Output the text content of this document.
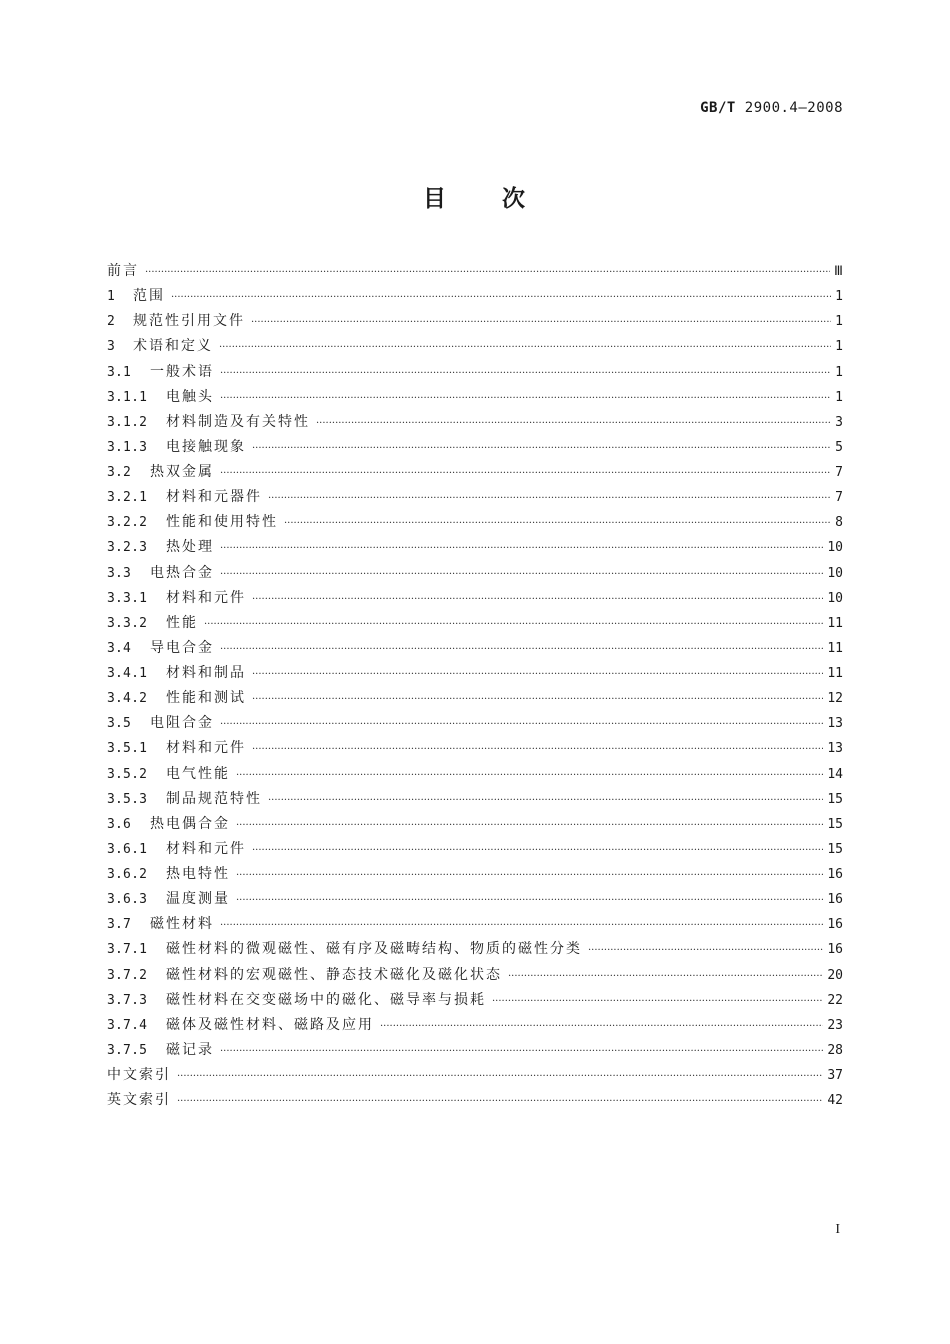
GB/T 2900.4—2008
目 次
前言 ·····	Ⅲ
1	范围 ·····	1
2	规范性引用文件 ·····	1
3	术语和定义 ·····	1
3.1	一般术语 ·····	1
3.1.1	电触头 ·····	1
3.1.2	材料制造及有关特性 ·····	3
3.1.3	电接触现象 ·····	5
3.2	热双金属 ·····	7
3.2.1	材料和元器件 ·····	7
3.2.2	性能和使用特性 ·····	8
3.2.3	热处理 ·····	10
3.3	电热合金 ·····	10
3.3.1	材料和元件 ·····	10
3.3.2	性能 ·····	11
3.4	导电合金 ·····	11
3.4.1	材料和制品 ·····	11
3.4.2	性能和测试 ·····	12
3.5	电阻合金 ·····	13
3.5.1	材料和元件 ·····	13
3.5.2	电气性能 ·····	14
3.5.3	制品规范特性 ·····	15
3.6	热电偶合金 ·····	15
3.6.1	材料和元件 ·····	15
3.6.2	热电特性 ·····	16
3.6.3	温度测量 ·····	16
3.7	磁性材料 ·····	16
3.7.1	磁性材料的微观磁性、磁有序及磁畴结构、物质的磁性分类 ·····	16
3.7.2	磁性材料的宏观磁性、静态技术磁化及磁化状态 ·····	20
3.7.3	磁性材料在交变磁场中的磁化、磁导率与损耗 ·····	22
3.7.4	磁体及磁性材料、磁路及应用 ·····	23
3.7.5	磁记录 ·····	28
中文索引 ·····	37
英文索引 ·····	42
I
